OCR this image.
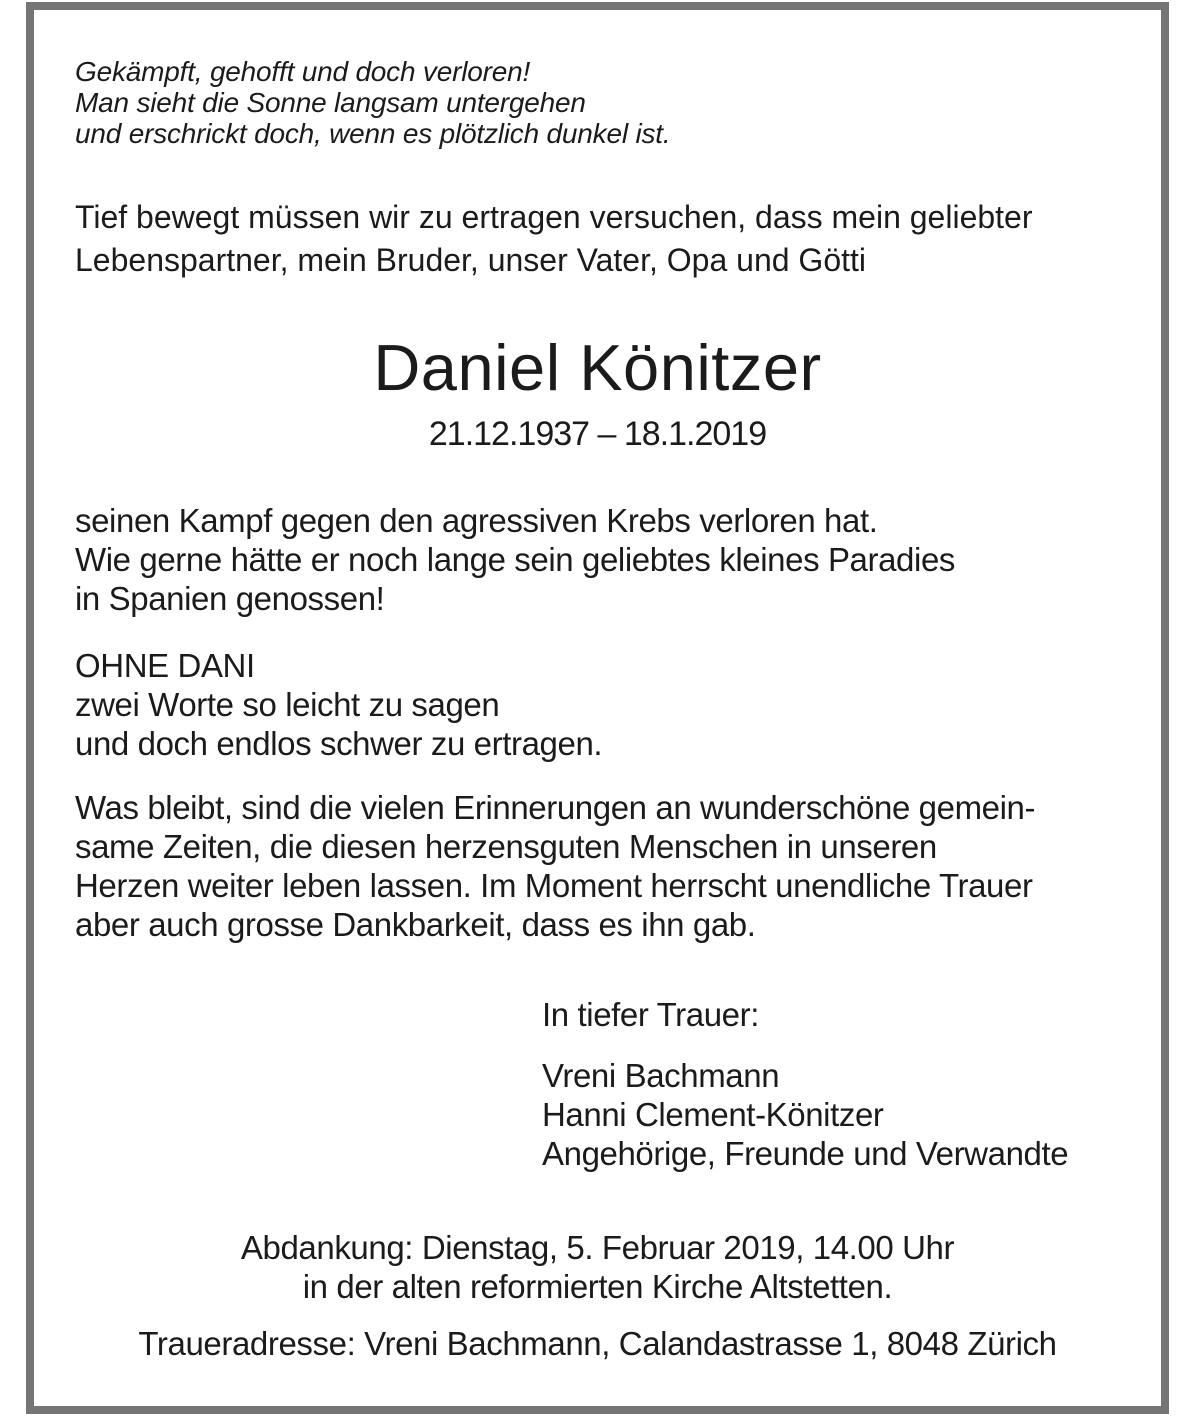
Gekämpft, gehofft und doch verloren!
Man sieht die Sonne langsam untergehen
und erschrickt doch, wenn es plötzlich dunkel ist.
Tief bewegt müssen wir zu ertragen versuchen, dass mein geliebter
Lebenspartner, mein Bruder, unser Vater, Opa und Götti
Daniel Könitzer
21.12.1937 – 18.1.2019
seinen Kampf gegen den agressiven Krebs verloren hat.
Wie gerne hätte er noch lange sein geliebtes kleines Paradies
in Spanien genossen!
OHNE DANI
zwei Worte so leicht zu sagen
und doch endlos schwer zu ertragen.
Was bleibt, sind die vielen Erinnerungen an wunderschöne gemein-
same Zeiten, die diesen herzensguten Menschen in unseren
Herzen weiter leben lassen. Im Moment herrscht unendliche Trauer
aber auch grosse Dankbarkeit, dass es ihn gab.
In tiefer Trauer:
Vreni Bachmann
Hanni Clement-Könitzer
Angehörige, Freunde und Verwandte
Abdankung: Dienstag, 5. Februar 2019, 14.00 Uhr
in der alten reformierten Kirche Altstetten.
Traueradresse: Vreni Bachmann, Calandastrasse 1, 8048 Zürich
